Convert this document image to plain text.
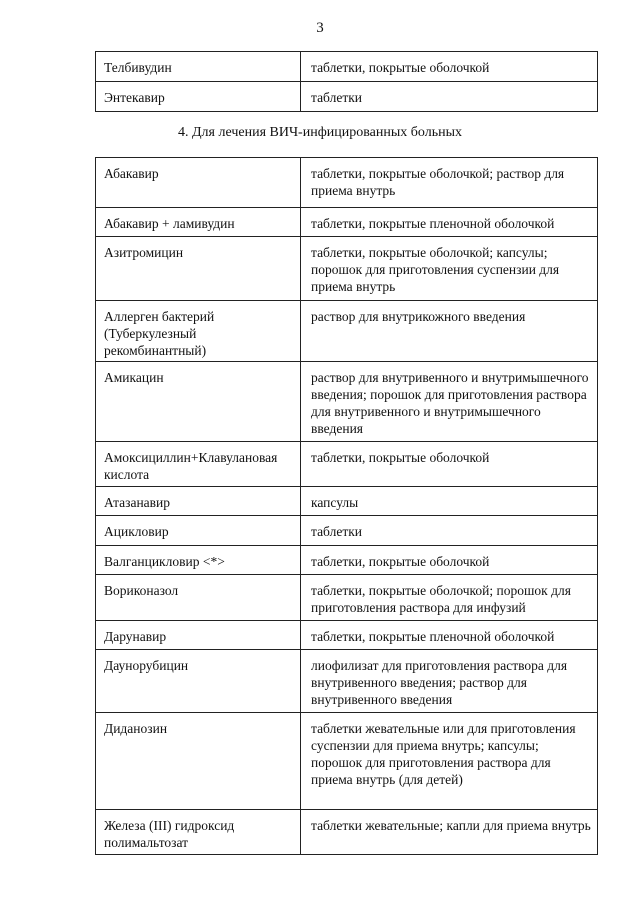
3
Телбивудин	таблетки, покрытые оболочкой

Энтекавир	таблетки
4. Для лечения ВИЧ-инфицированных больных
Абакавир	таблетки, покрытые оболочкой; раствор для приема внутрь

Абакавир + ламивудин	таблетки, покрытые пленочной оболочкой

Азитромицин	таблетки, покрытые оболочкой; капсулы; порошок для приготовления суспензии для приема внутрь

Аллерген бактерий (Туберкулезный рекомбинантный)	раствор для внутрикожного введения

Амикацин	раствор для внутривенного и внутримышечного введения; порошок для приготовления раствора для внутривенного и внутримышечного введения

Амоксициллин+Клавулановая кислота	таблетки, покрытые оболочкой

Атазанавир	капсулы

Ацикловир	таблетки

Валганцикловир <*>	таблетки, покрытые оболочкой

Вориконазол	таблетки, покрытые оболочкой; порошок для приготовления раствора для инфузий

Дарунавир	таблетки, покрытые пленочной оболочкой

Даунорубицин	лиофилизат для приготовления раствора для внутривенного введения; раствор для внутривенного введения

Диданозин	таблетки жевательные или для приготовления суспензии для приема внутрь; капсулы; порошок для приготовления раствора для приема внутрь (для детей)

Железа (III) гидроксид полимальтозат	таблетки жевательные; капли для приема внутрь
